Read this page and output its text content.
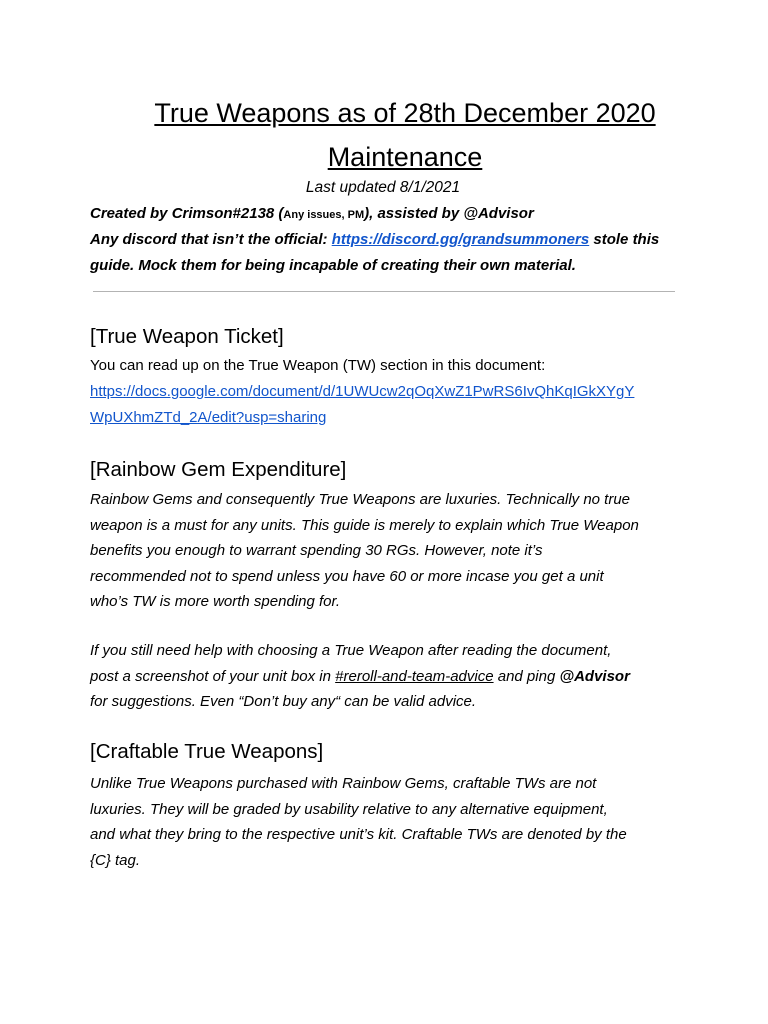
True Weapons as of 28th December 2020
Maintenance
Last updated 8/1/2021
Created by Crimson#2138 (Any issues, PM), assisted by @Advisor
Any discord that isn’t the official: https://discord.gg/grandsummoners stole this
guide. Mock them for being incapable of creating their own material.
[True Weapon Ticket]
You can read up on the True Weapon (TW) section in this document:
https://docs.google.com/document/d/1UWUcw2qOqXwZ1PwRS6IvQhKqIGkXYgY
WpUXhmZTd_2A/edit?usp=sharing
[Rainbow Gem Expenditure]
Rainbow Gems and consequently True Weapons are luxuries. Technically no true
weapon is a must for any units. This guide is merely to explain which True Weapon
benefits you enough to warrant spending 30 RGs. However, note it’s
recommended not to spend unless you have 60 or more incase you get a unit
who’s TW is more worth spending for.
If you still need help with choosing a True Weapon after reading the document,
post a screenshot of your unit box in #reroll-and-team-advice and ping @Advisor
for suggestions. Even “Don’t buy any“ can be valid advice.
[Craftable True Weapons]
Unlike True Weapons purchased with Rainbow Gems, craftable TWs are not
luxuries. They will be graded by usability relative to any alternative equipment,
and what they bring to the respective unit’s kit. Craftable TWs are denoted by the
{C} tag.
